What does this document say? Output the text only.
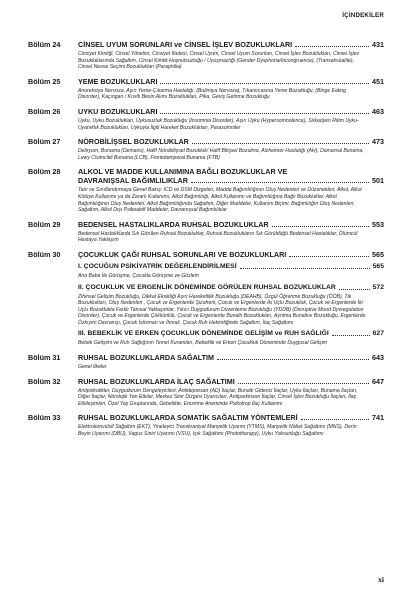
İÇİNDEKİLER
Bölüm 24	CİNSEL UYUM SORUNLARI ve CİNSEL İŞLEV BOZUKLUKLARI	431
Cinsiyet Kimliği, Cinsel Yönelim, Cinsiyet İfadesi, Cinsel Uyum, Cinsel Uyum Sorunları, Cinsel İşlev Bozuklukları, Cinsel İşlev Bozukluklarında Sağaltım, Cinsel Kimlik Hoşnutsuzluğu / Uyuşmazlığı (Gender Dysphoria/Incongruence), (Transeksüalite), Cinsel Nesne Seçimi Bozuklukları (Paraphilia)
Bölüm 25	YEME BOZUKLUKLARI	451
Anoreksiya Nervoza, Aşırı Yeme-Çıkarma Hastalığı, (Bulimiya Nervoza), Tıkanırcasına Yeme Bozukluğu, (Binge Eating Disorder), Kaçıngan / Kısıtlı Besin Alımı Bozuklukları, Pika, Geviş Getirme Bozukluğu
Bölüm 26	UYKU BOZUKLUKLARI	463
Uyku, Uyku Bozuklukları, Uykusuzluk Bozukluğu (Insomnia Disorder), Aşırı Uyku (Hypersomnolence), Sirkadyen Ritim Uyku-Uyanıklık Bozuklukları, Uykuyla İlgili Hareket Bozuklukları, Parasomniler
Bölüm 27	NÖROBİLİŞSEL BOZUKLUKLAR	473
Deliryum, Bunama (Demans), Hafif Nörobilişsel Bozukluk/ Hafif Bilişsel Bozulma, Alzheimer Hastalığı (AH), Damarsal Bunama, Lewy Cisimcikli Bunama (LCB), Frontotemporal Bunama (FTB)
Bölüm 28	ALKOL VE MADDE KULLANIMINA BAĞLI BOZUKLUKLAR VE
DAVRANIŞSAL BAĞIMLILIKLAR	501
Tanı ve Sınıflandırmaya Genel Bakış: ICD ve DSM Dizgeleri, Madde Bağımlılığının Oluş Nedenleri ve Düzenekleri, Alkol, Alkol Kötüye Kullanımı ya da Zararlı Kullanımı, Alkol Bağımlılığı, Alkol Kullanımı ve Bağımlılığına Bağlı Bozukluklar, Alkol Bağımlılığının Oluş Nedenleri, Alkol Bağımlılığında Sağaltım, Diğer Maddeler, Kullanım Biçimi, Bağımlılığın Oluş Nedenleri, Sağaltım, Alkol Dışı Psikoaktif Maddeler, Davranışsal Bağımlılıklar
Bölüm 29	BEDENSEL HASTALIKLARDA RUHSAL BOZUKLUKLAR	553
Bedensel Hastalıklarda Sık Görülen Ruhsal Bozukluklar, Ruhsal Bozuklukların Sık Görüldüğü Bedensel Hastalıklar, Ölümcül Hastaya Yaklaşım
Bölüm 30	ÇOCUKLUK ÇAĞI RUHSAL SORUNLARI VE BOZUKLUKLARI	565
I. ÇOCUĞUN PSİKİYATRİK DEĞERLENDİRİLMESİ	565
Ana Baba İle Görüşme, Çocukla Görüşme ve Gözlem
II. ÇOCUKLUK VE ERGENLİK DÖNEMİNDE GÖRÜLEN RUHSAL BOZUKLUKLAR	572
Zihinsel Gelişim Bozukluğu, Dikkat Eksikliği Aşırı Hareketlilik Bozukluğu (DEAHB), Özgül Öğrenme Bozukluğu (ÖÖB), Tik Bozuklukları, Oluş Nedenleri , Çocuk ve Ergenlerde Şizofreni, Çocuk ve Ergenlerde İki Uçlu Bozukluk, Çocuk ve Ergenlerde İki Uçlu Bozuklukta Farklı Tanısal Yaklaşımlar, Yıkıcı Duygudurum Düzenleme Bozukluğu (YDDB) (Disruptive Mood Dysregulation Disorder), Çocuk ve Ergenlerde Çökkünlük, Çocuk ve Ergenlerde Bunaltı Bozuklukları, Ayrılma Bunaltısı Bozukluğu, Ergenlerde Özkıyım Davranışı, Çocuk İstismarı ve İhmali, Çocuk Ruh Hekimliğinde Sağaltım, İlaç Sağaltımı
III. BEBEKLİK VE ERKEN ÇOCUKLUK DÖNEMİNDE GELİŞİM ve RUH SAĞLIĞI	627
Bebek Gelişimi ve Ruh Sağlığının Temel Kuramları, Bebeklik ve Erken Çocukluk Döneminde Duygusal Gelişim
Bölüm 31	RUHSAL BOZUKLUKLARDA SAĞALTIM	643
Genel İlkeler
Bölüm 32	RUHSAL BOZUKLUKLARDA İLAÇ SAĞALTIMI	647
Antipsikotikler, Duygudurum Dengeleyicileri, Antidepresan (AD) İlaçlar, Bunaltı Giderici İlaçlar, Uyku İlaçları, Bunama İlaçları, Diğer İlaçlar, Nörolojik Yan Etkiler, Merkez Sinir Dizgesi Uyarıcıları, Antiparkinson İlaçlar, Cinsel İşlev Bozukluğu İlaçları, İlaç Etkileşimleri, Özel Yaş Gruplarında, Gebelikte, Emzirme Aneminde Psikotrop İlaç Kullanımı
Bölüm 33	RUHSAL BOZUKLUKLARDA SOMATİK SAĞALTIM YÖNTEMLERİ	741
Elektrokonvülsif Sağaltım (EKT), Yineleyici Transkraniyal Manyetik Uyarım (YTMS), Manyetik Nöbet Sağaltımı (MNS), Derin Beyin Uyarımı (DBU), Vagus Siniri Uyarımı (VSU), Işık Sağaltımı (Phototherapy), Uyku Yoksunluğu Sağaltımı
xi
